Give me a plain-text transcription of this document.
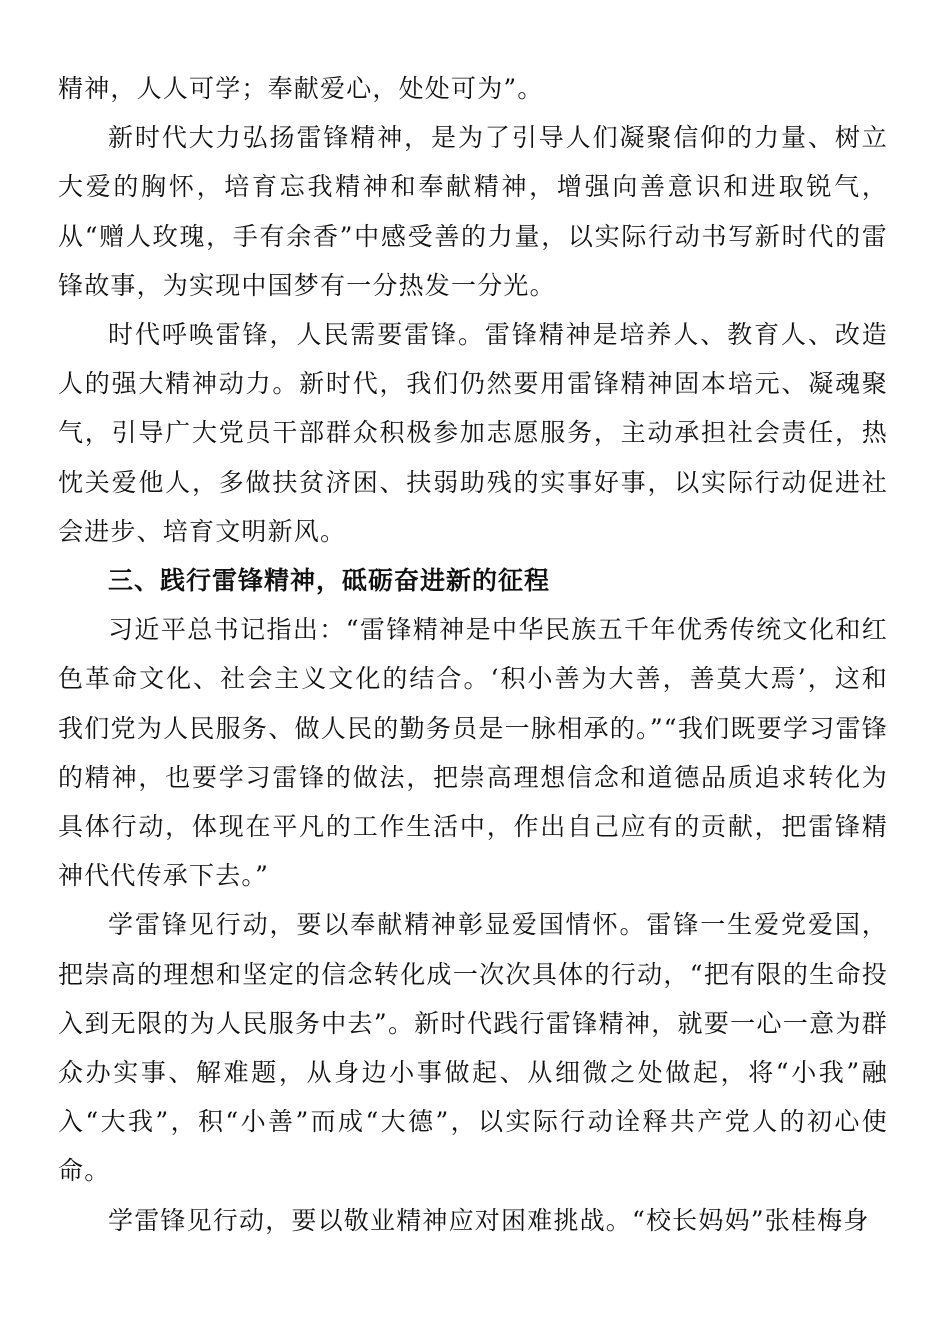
精神，人人可学；奉献爱心，处处可为”。

新时代大力弘扬雷锋精神，是为了引导人们凝聚信仰的力量、树立大爱的胸怀，培育忘我精神和奉献精神，增强向善意识和进取锐气，从“赠人玫瑰，手有余香”中感受善的力量，以实际行动书写新时代的雷锋故事，为实现中国梦有一分热发一分光。

时代呼唤雷锋，人民需要雷锋。雷锋精神是培养人、教育人、改造人的强大精神动力。新时代，我们仍然要用雷锋精神固本培元、凝魂聚气，引导广大党员干部群众积极参加志愿服务，主动承担社会责任，热忱关爱他人，多做扶贫济困、扶弱助残的实事好事，以实际行动促进社会进步、培育文明新风。

三、践行雷锋精神，砥砺奋进新的征程

习近平总书记指出：“雷锋精神是中华民族五千年优秀传统文化和红色革命文化、社会主义文化的结合。‘积小善为大善，善莫大焉’，这和我们党为人民服务、做人民的勤务员是一脉相承的。”“我们既要学习雷锋的精神，也要学习雷锋的做法，把崇高理想信念和道德品质追求转化为具体行动，体现在平凡的工作生活中，作出自己应有的贡献，把雷锋精神代代传承下去。”

学雷锋见行动，要以奉献精神彰显爱国情怀。雷锋一生爱党爱国，把崇高的理想和坚定的信念转化成一次次具体的行动，“把有限的生命投入到无限的为人民服务中去”。新时代践行雷锋精神，就要一心一意为群众办实事、解难题，从身边小事做起、从细微之处做起，将“小我”融入“大我”，积“小善”而成“大德”，以实际行动诠释共产党人的初心使命。

学雷锋见行动，要以敬业精神应对困难挑战。“校长妈妈”张桂梅身
